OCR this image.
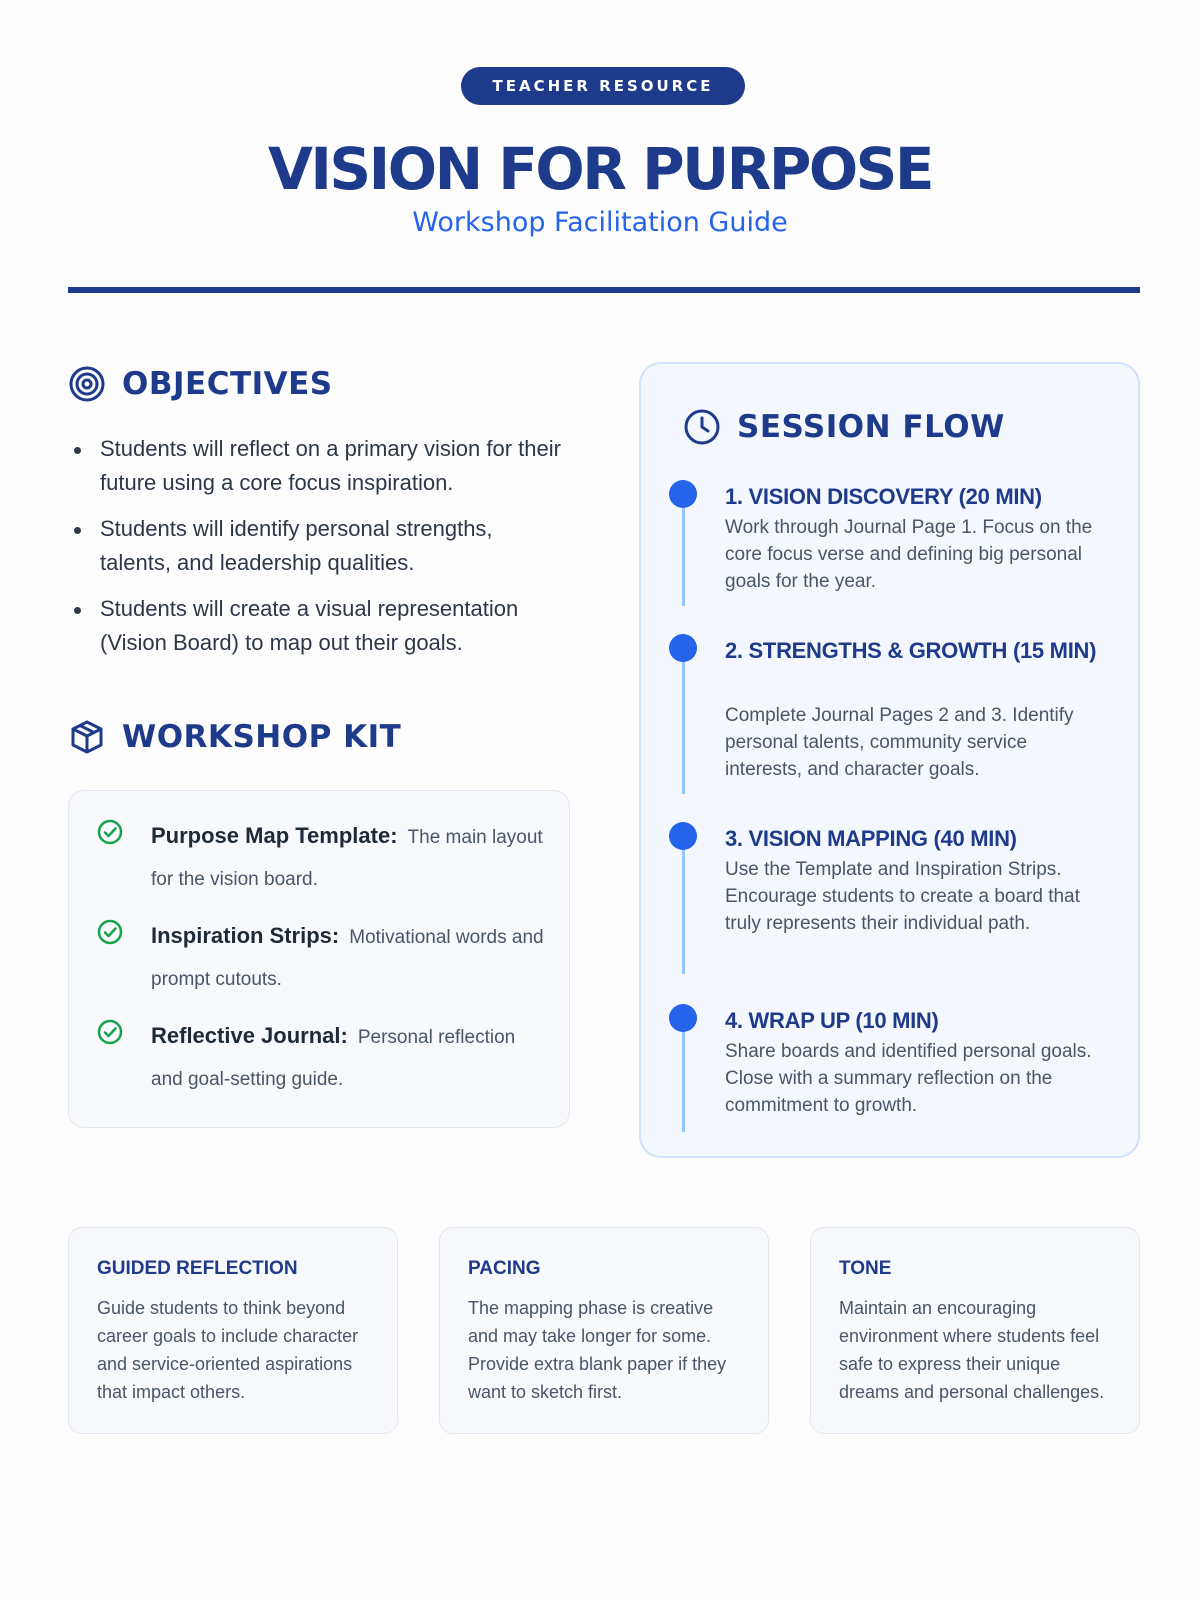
TEACHER RESOURCE
VISION FOR PURPOSE
Workshop Facilitation Guide
OBJECTIVES
Students will reflect on a primary vision for their future using a core focus inspiration.
Students will identify personal strengths, talents, and leadership qualities.
Students will create a visual representation (Vision Board) to map out their goals.
WORKSHOP KIT
Purpose Map Template: The main layout for the vision board.
Inspiration Strips: Motivational words and prompt cutouts.
Reflective Journal: Personal reflection and goal-setting guide.
SESSION FLOW
1. VISION DISCOVERY (20 MIN)
Work through Journal Page 1. Focus on the core focus verse and defining big personal goals for the year.
2. STRENGTHS & GROWTH (15 MIN)
Complete Journal Pages 2 and 3. Identify personal talents, community service interests, and character goals.
3. VISION MAPPING (40 MIN)
Use the Template and Inspiration Strips. Encourage students to create a board that truly represents their individual path.
4. WRAP UP (10 MIN)
Share boards and identified personal goals. Close with a summary reflection on the commitment to growth.
GUIDED REFLECTION
Guide students to think beyond career goals to include character and service-oriented aspirations that impact others.
PACING
The mapping phase is creative and may take longer for some. Provide extra blank paper if they want to sketch first.
TONE
Maintain an encouraging environment where students feel safe to express their unique dreams and personal challenges.
